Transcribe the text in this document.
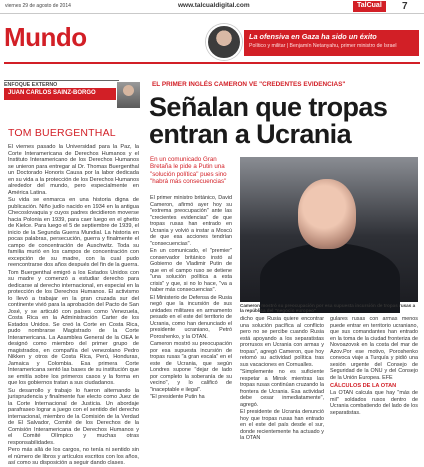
viernes 29 de agosto de 2014	www.talcualdigital.com	TalCual	7
Mundo	La ofensiva en Gaza ha sido un éxito
Político y militar | Benjamín Netanyahu, primer ministro de Israel
ENFOQUE EXTERNO
JUAN CARLOS SAINZ-BORGO
TOM BUERGENTHAL

El viernes pasado la Universidad para la Paz, la Corte Interamericana de Derechos Humanos y el Instituto Interamericano de los Derechos Humanos se unieron para entregar al Dr. Thomas Buergenthal un Doctorado Honoris Causa por la labor dedicada en su vida a la protección de los Derechos Humanos alrededor del mundo, pero especialmente en América Latina.

Su vida se enmarca en una historia digna de publicación. Niño judío nacido en 1934 en la antigua Checoslovaquia y cuyos padres decidieron moverse hacia Polonia en 1939, para caer luego en el ghetto de Kielce. Para luego el 5 de septiembre de 1939, el inicio de la Segunda Guerra Mundial. La historia en pocas palabras, persecución, guerra y finalmente el campo de concentración de Auschwitz. Toda su familia murió en los campos de concentración con excepción de su madre, con la cual pudo reencontrarse dos años después del fin de la guerra.

Tom Buergenthal emigró a los Estados Unidos con su madre y comenzó a estudiar derecho para dedicarse al derecho internacional, en especial en la protección de los Derechos Humanos. El activismo lo llevó a trabajar en la gran cruzada sur del continente vivió para la aprobación del Pacto de San José, y se articuló con países como Venezuela, Costa Rica en la Administración Carter de los Estados Unidos. Se creó la Corte en Costa Rica, pudo nombrarse Magistrado de la Corte Interamericana. La Asamblea General de la OEA le designó como miembro del primer grupo de magistrados, en compañía del venezolano Pedro Nikken y otros de Costa Rica, Perú, Honduras, Jamaica y Colombia. Esa primera Corte Interamericana sentó las bases de su institución que se emitía sobre los primeros casos y la forma en que los gobiernos tratan a sus ciudadanos.

Su desarrollo y trabajo lo fueron alternando la jurisprudencia y finalmente fue electo como Juez de la Corte Internacional de Justicia. Un abordaje parafraseo lograr a juego con el sentido del derecho internacional, miembro de la Comisión de la Verdad de El Salvador, Comité de los Derechos de la Comisión Interamericana de Derechos Humanos y el Comité Olímpico y muchas otras responsabilidades.

Pero más allá de los cargos, no tenía ni sentido sin el número de libros y artículos escritos con los años, así como su disposición a seguir dando clases.

EL PRIMER INGLÉS CAMERON VE "CREDENTES EVIDENCIAS"
Señalan que tropas entran a Ucrania

En un comunicado Gran Bretaña le pide a Putin una "solución política" pues sino "habrá más consecuencias"

Cameron mostró su preocupación por esa supuesta incursión de tropas rusas a la república del "negocio europeo"

El primer ministro británico, David Cameron, afirmó ayer hoy su "extrema preocupación" ante las "crecientes evidencias" de que tropas rusas han entrado en Ucrania y volvió a instar a Moscú de que esa acciones tendrían "consecuencias".

En un comunicado, el "premier" conservador británico instó al Gobierno de Vladimir Putin de que en el campo ruso se detiene "una solución política a esta crisis" y que, si no lo hace, "va a haber más consecuencias".

El Ministerio de Defensa de Rusia negó que la incursión de sus unidades militares en armamento pesado en el este del territorio de Ucrania, como han denunciado el presidente ucraniano, Petró Poroshenko, y la OTAN.

Cameron mostró su preocupación por esa supuesta incursión de tropas rusas "a gran escala" en el este de Ucrania, que según Londres supone "dejar de lado por completo la soberanía de su vecino", y lo calificó de "inaceptable e ilegal".

"El presidente Putin ha

dicho que Rusia quiere encontrar una solución pacífica al conflicto pero no se percibe cuando Rusia está apoyando a los separatistas prorrusos en Ucrania con armas y tropas", agregó Cameron, que hoy retomó su actividad política tras sus vacaciones en Cornualles.

"Simplemente no es suficiente respetar a Minsk mientras las tropas rusas continúan cruzando la frontera de Ucrania. Esa actividad debe cesar inmediatamente", agregó.

El presidente de Ucrania denunció hoy que tropas rusas han entrado en el este del país desde el sur, donde recientemente ha actuado y la OTAN

gulares rusas con armas menos puede entrar en territorio ucraniano, que sus comandantes han entrado en la toma de la ciudad fronteriza de Novoazovsk en la costa del mar de Azov.Por ese motivo, Poroshenko convoca viaje a Turquía y pidió una sesión urgente del Consejo de Seguridad de la ONU y del Consejo de la Unión Europea. EFE

CÁLCULOS DE LA OTAN

La OTAN calcula que hay "más de mil" soldados rusos dentro de Ucrania combatiendo del lado de los separatistas.
